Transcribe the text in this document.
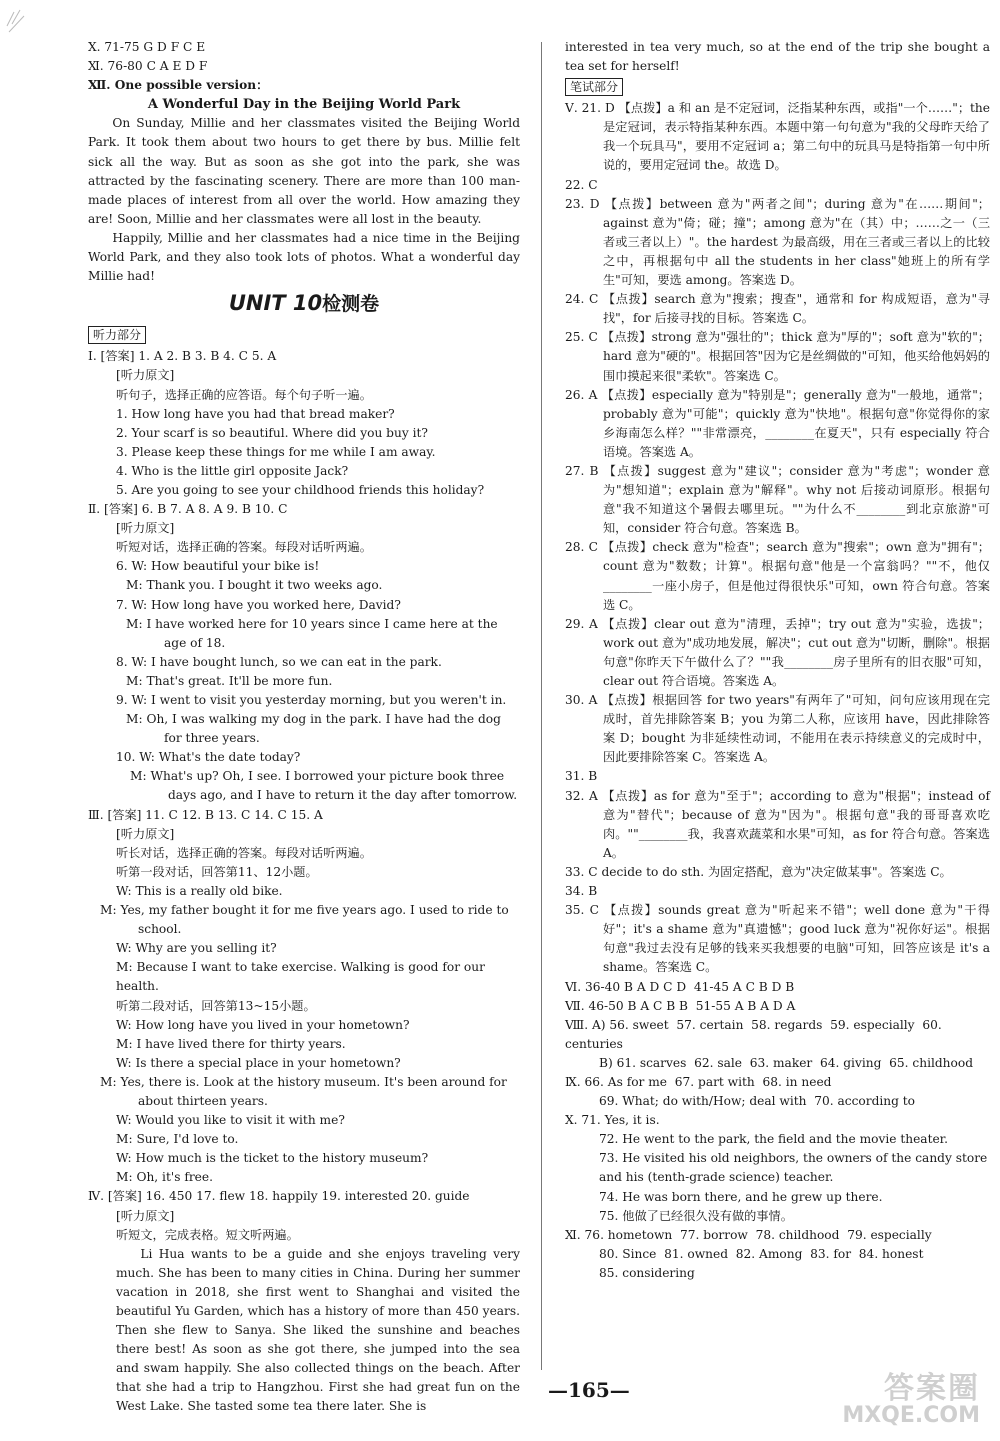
Ⅹ. 71-75 G D F C E
Ⅺ. 76-80 C A E D F
Ⅻ. One possible version：
A Wonderful Day in the Beijing World Park
On Sunday, Millie and her classmates visited the Beijing World Park. It took them about two hours to get there by bus. Millie felt sick all the way. But as soon as she got into the park, she was attracted by the fascinating scenery. There are more than 100 man-made places of interest from all over the world. How amazing they are! Soon, Millie and her classmates were all lost in the beauty.
Happily, Millie and her classmates had a nice time in the Beijing World Park, and they also took lots of photos. What a wonderful day Millie had!
UNIT 10检测卷
听力部分
Ⅰ. [答案] 1. A 2. B 3. B 4. C 5. A
[听力原文]
听句子，选择正确的应答语。每个句子听一遍。
1. How long have you had that bread maker?
2. Your scarf is so beautiful. Where did you buy it?
3. Please keep these things for me while I am away.
4. Who is the little girl opposite Jack?
5. Are you going to see your childhood friends this holiday?
Ⅱ. [答案] 6. B 7. A 8. A 9. B 10. C
[听力原文]
听短对话，选择正确的答案。每段对话听两遍。
6. W: How beautiful your bike is!
M: Thank you. I bought it two weeks ago.
7. W: How long have you worked here, David?
M: I have worked here for 10 years since I came here at the age of 18.
8. W: I have bought lunch, so we can eat in the park.
M: That's great. It'll be more fun.
9. W: I went to visit you yesterday morning, but you weren't in.
M: Oh, I was walking my dog in the park. I have had the dog for three years.
10. W: What's the date today?
M: What's up? Oh, I see. I borrowed your picture book three days ago, and I have to return it the day after tomorrow.
Ⅲ. [答案] 11. C 12. B 13. C 14. C 15. A
[听力原文]
听长对话，选择正确的答案。每段对话听两遍。
听第一段对话，回答第11、12小题。
W: This is a really old bike.
M: Yes, my father bought it for me five years ago. I used to ride to school.
W: Why are you selling it?
M: Because I want to take exercise. Walking is good for our health.
听第二段对话，回答第13~15小题。
W: How long have you lived in your hometown?
M: I have lived there for thirty years.
W: Is there a special place in your hometown?
M: Yes, there is. Look at the history museum. It's been around for about thirteen years.
W: Would you like to visit it with me?
M: Sure, I'd love to.
W: How much is the ticket to the history museum?
M: Oh, it's free.
Ⅳ. [答案] 16. 450 17. flew 18. happily 19. interested 20. guide
[听力原文]
听短文，完成表格。短文听两遍。
Li Hua wants to be a guide and she enjoys traveling very much. She has been to many cities in China. During her summer vacation in 2018, she first went to Shanghai and visited the beautiful Yu Garden, which has a history of more than 450 years. Then she flew to Sanya. She liked the sunshine and beaches there best! As soon as she got there, she jumped into the sea and swam happily. She also collected things on the beach. After that she had a trip to Hangzhou. First she had great fun on the West Lake. She tasted some tea there later. She is
interested in tea very much, so at the end of the trip she bought a tea set for herself!
笔试部分
Ⅴ. 21. D 【点拨】a 和 an 是不定冠词，泛指某种东西，或指"一个……"；the 是定冠词，表示特指某种东西。本题中第一句句意为"我的父母昨天给了我一个玩具马"，要用不定冠词 a；第二句中的玩具马是特指第一句中所说的，要用定冠词 the。故选 D。
22. C
23. D 【点拨】between 意为"两者之间"；during 意为"在……期间"；against 意为"倚；碰；撞"；among 意为"在（其）中；……之一（三者或三者以上）"。the hardest 为最高级，用在三者或三者以上的比较之中，再根据句中 all the students in her class"她班上的所有学生"可知，要选 among。答案选 D。
24. C 【点拨】search 意为"搜索；搜查"，通常和 for 构成短语，意为"寻找"，for 后接寻找的目标。答案选 C。
25. C 【点拨】strong 意为"强壮的"；thick 意为"厚的"；soft 意为"软的"；hard 意为"硬的"。根据回答"因为它是丝绸做的"可知，他买给他妈妈的围巾摸起来很"柔软"。答案选 C。
26. A 【点拨】especially 意为"特别是"；generally 意为"一般地，通常"；probably 意为"可能"；quickly 意为"快地"。根据句意"你觉得你的家乡海南怎么样？""非常漂亮，________在夏天"，只有 especially 符合语境。答案选 A。
27. B 【点拨】suggest 意为"建议"；consider 意为"考虑"；wonder 意为"想知道"；explain 意为"解释"。why not 后接动词原形。根据句意"我不知道这个暑假去哪里玩。""为什么不________到北京旅游"可知，consider 符合句意。答案选 B。
28. C 【点拨】check 意为"检查"；search 意为"搜索"；own 意为"拥有"；count 意为"数数；计算"。根据句意"他是一个富翁吗？""不，他仅________一座小房子，但是他过得很快乐"可知，own 符合句意。答案选 C。
29. A 【点拨】clear out 意为"清理，丢掉"；try out 意为"实验，选拔"；work out 意为"成功地发展，解决"；cut out 意为"切断，删除"。根据句意"你昨天下午做什么了？""我________房子里所有的旧衣服"可知，clear out 符合语境。答案选 A。
30. A 【点拨】根据回答 for two years"有两年了"可知，问句应该用现在完成时，首先排除答案 B；you 为第二人称，应该用 have，因此排除答案 D；bought 为非延续性动词，不能用在表示持续意义的完成时中，因此要排除答案 C。答案选 A。
31. B
32. A 【点拨】as for 意为"至于"；according to 意为"根据"；instead of 意为"替代"；because of 意为"因为"。根据句意"我的哥哥喜欢吃肉。""________我，我喜欢蔬菜和水果"可知，as for 符合句意。答案选 A。
33. C decide to do sth. 为固定搭配，意为"决定做某事"。答案选 C。
34. B
35. C 【点拨】sounds great 意为"听起来不错"；well done 意为"干得好"；it's a shame 意为"真遗憾"；good luck 意为"祝你好运"。根据句意"我过去没有足够的钱来买我想要的电脑"可知，回答应该是 it's a shame。答案选 C。
Ⅵ. 36-40 B A D C D  41-45 A C B D B
Ⅶ. 46-50 B A C B B  51-55 A B A D A
Ⅷ. A) 56. sweet  57. certain  58. regards  59. especially  60. centuries
B) 61. scarves  62. sale  63. maker  64. giving  65. childhood
Ⅸ. 66. As for me  67. part with  68. in need
69. What; do with/How; deal with  70. according to
Ⅹ. 71. Yes, it is.
72. He went to the park, the field and the movie theater.
73. He visited his old neighbors, the owners of the candy store and his (tenth-grade science) teacher.
74. He was born there, and he grew up there.
75. 他做了已经很久没有做的事情。
Ⅺ. 76. hometown  77. borrow  78. childhood  79. especially
80. Since  81. owned  82. Among  83. for  84. honest
85. considering
—165—	答案圈
MXQE.COM
